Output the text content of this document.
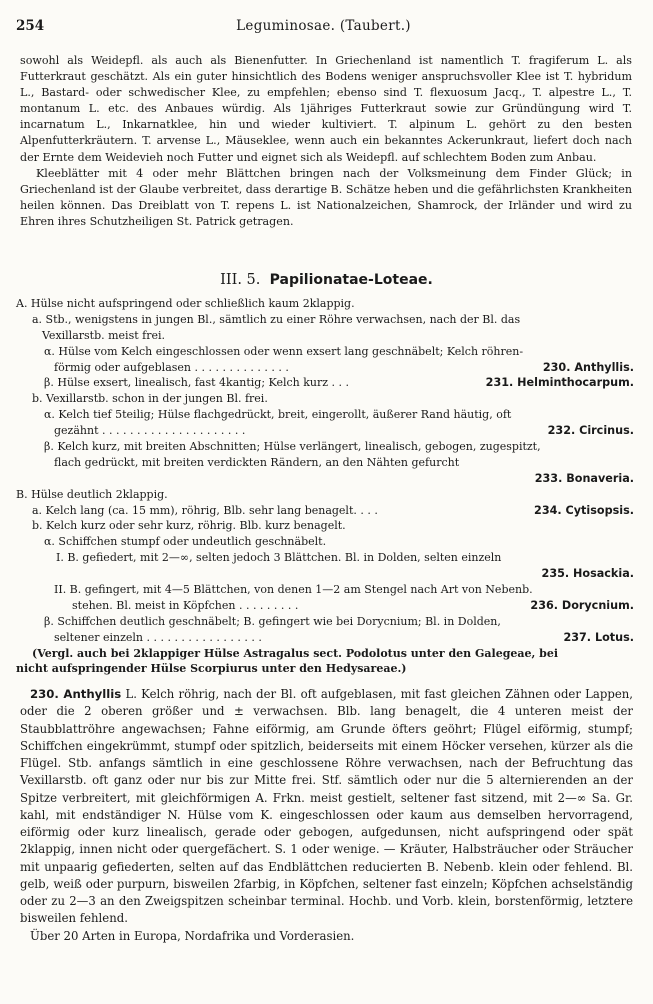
254	Leguminosae. (Taubert.)

sowohl als Weidepfl. als auch als Bienenfutter. In Griechenland ist namentlich T. fragiferum L. als Futterkraut geschätzt. Als ein guter hinsichtlich des Bodens weniger anspruchsvoller Klee ist T. hybridum L., Bastard- oder schwedischer Klee, zu empfehlen; ebenso sind T. flexuosum Jacq., T. alpestre L., T. montanum L. etc. des Anbaues würdig. Als 1jähriges Futterkraut sowie zur Gründüngung wird T. incarnatum L., Inkarnatklee, hin und wieder kultiviert. T. alpinum L. gehört zu den besten Alpenfutterkräutern. T. arvense L., Mäuseklee, wenn auch ein bekanntes Ackerunkraut, liefert doch nach der Ernte dem Weidevieh noch Futter und eignet sich als Weidepfl. auf schlechtem Boden zum Anbau.

Kleeblätter mit 4 oder mehr Blättchen bringen nach der Volksmeinung dem Finder Glück; in Griechenland ist der Glaube verbreitet, dass derartige B. Schätze heben und die gefährlichsten Krankheiten heilen können. Das Dreiblatt von T. repens L. ist Nationalzeichen, Shamrock, der Irländer und wird zu Ehren ihres Schutzheiligen St. Patrick getragen.

III. 5. Papilionatae-Loteae.
A. Hülse nicht aufspringend oder schließlich kaum 2klappig.
a. Stb., wenigstens in jungen Bl., sämtlich zu einer Röhre verwachsen, nach der Bl. das
Vexillarstb. meist frei.
α. Hülse vom Kelch eingeschlossen oder wenn exsert lang geschnäbelt; Kelch röhren-
förmig oder aufgeblasen . . . . . . . . . . . . . .	230. Anthyllis.
β. Hülse exsert, linealisch, fast 4kantig; Kelch kurz . . .	231. Helminthocarpum.
b. Vexillarstb. schon in der jungen Bl. frei.
α. Kelch tief 5teilig; Hülse flachgedrückt, breit, eingerollt, äußerer Rand häutig, oft
gezähnt . . . . . . . . . . . . . . . . . . . . .	232. Circinus.
β. Kelch kurz, mit breiten Abschnitten; Hülse verlängert, linealisch, gebogen, zugespitzt,
flach gedrückt, mit breiten verdickten Rändern, an den Nähten gefurcht
233. Bonaveria.
B. Hülse deutlich 2klappig.
a. Kelch lang (ca. 15 mm), röhrig, Blb. sehr lang benagelt. . . .	234. Cytisopsis.
b. Kelch kurz oder sehr kurz, röhrig. Blb. kurz benagelt.
α. Schiffchen stumpf oder undeutlich geschnäbelt.
I. B. gefiedert, mit 2—∞, selten jedoch 3 Blättchen. Bl. in Dolden, selten einzeln
235. Hosackia.
II. B. gefingert, mit 4—5 Blättchen, von denen 1—2 am Stengel nach Art von Nebenb.
stehen. Bl. meist in Köpfchen . . . . . . . . .	236. Dorycnium.
β. Schiffchen deutlich geschnäbelt; B. gefingert wie bei Dorycnium; Bl. in Dolden,
seltener einzeln . . . . . . . . . . . . . . . . .	237. Lotus.
(Vergl. auch bei 2klappiger Hülse Astragalus sect. Podolotus unter den Galegeae, bei
nicht aufspringender Hülse Scorpiurus unter den Hedysareae.)

230. Anthyllis L. Kelch röhrig, nach der Bl. oft aufgeblasen, mit fast gleichen Zähnen oder Lappen, oder die 2 oberen größer und ± verwachsen. Blb. lang benagelt, die 4 unteren meist der Staubblattröhre angewachsen; Fahne eiförmig, am Grunde öfters geöhrt; Flügel eiförmig, stumpf; Schiffchen eingekrümmt, stumpf oder spitzlich, beiderseits mit einem Höcker versehen, kürzer als die Flügel. Stb. anfangs sämtlich in eine geschlossene Röhre verwachsen, nach der Befruchtung das Vexillarstb. oft ganz oder nur bis zur Mitte frei. Stf. sämtlich oder nur die 5 alternierenden an der Spitze verbreitert, mit gleichförmigen A. Frkn. meist gestielt, seltener fast sitzend, mit 2—∞ Sa. Gr. kahl, mit endständiger N. Hülse vom K. eingeschlossen oder kaum aus demselben hervorragend, eiförmig oder kurz linealisch, gerade oder gebogen, aufgedunsen, nicht aufspringend oder spät 2klappig, innen nicht oder quergefächert. S. 1 oder wenige. — Kräuter, Halbsträucher oder Sträucher mit unpaarig gefiederten, selten auf das Endblättchen reducierten B. Nebenb. klein oder fehlend. Bl. gelb, weiß oder purpurn, bisweilen 2farbig, in Köpfchen, seltener fast einzeln; Köpfchen achselständig oder zu 2—3 an den Zweigspitzen scheinbar terminal. Hochb. und Vorb. klein, borstenförmig, letztere bisweilen fehlend.

Über 20 Arten in Europa, Nordafrika und Vorderasien.
